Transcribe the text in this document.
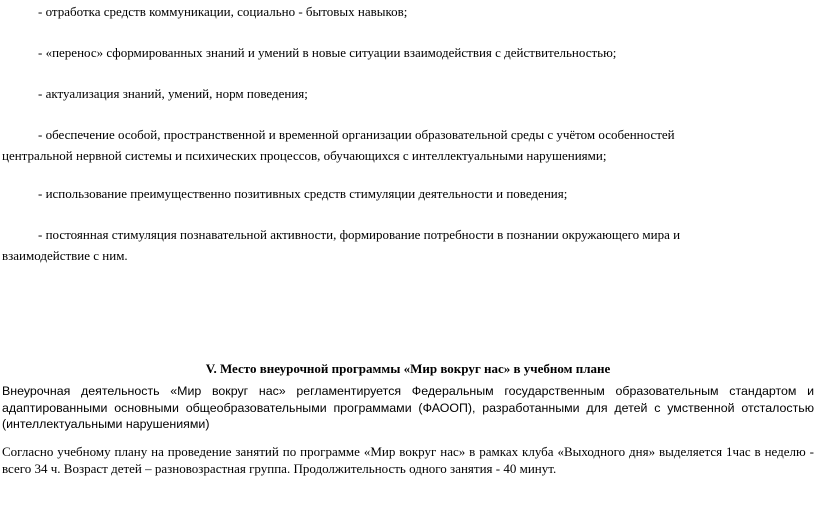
- отработка средств коммуникации, социально - бытовых навыков;

- «перенос» сформированных знаний и умений в новые ситуации взаимодействия с действительностью;

- актуализация знаний, умений, норм поведения;

- обеспечение особой, пространственной и временной организации образовательной среды с учётом особенностей

центральной нервной системы и психических процессов, обучающихся с интеллектуальными нарушениями;

- использование преимущественно позитивных средств стимуляции деятельности и поведения;

- постоянная стимуляция познавательной активности, формирование потребности в познании окружающего мира и

взаимодействие с ним.

V. Место внеурочной программы «Мир вокруг нас» в учебном плане

Внеурочная деятельность «Мир вокруг нас» регламентируется Федеральным государственным образовательным стандартом и адаптированными основными общеобразовательными программами (ФАООП), разработанными для детей с умственной отсталостью (интеллектуальными нарушениями)

Согласно учебному плану на проведение занятий по программе «Мир вокруг нас» в рамках клуба «Выходного дня» выделяется 1час в неделю - всего 34 ч. Возраст детей – разновозрастная группа. Продолжительность одного занятия - 40 минут.
